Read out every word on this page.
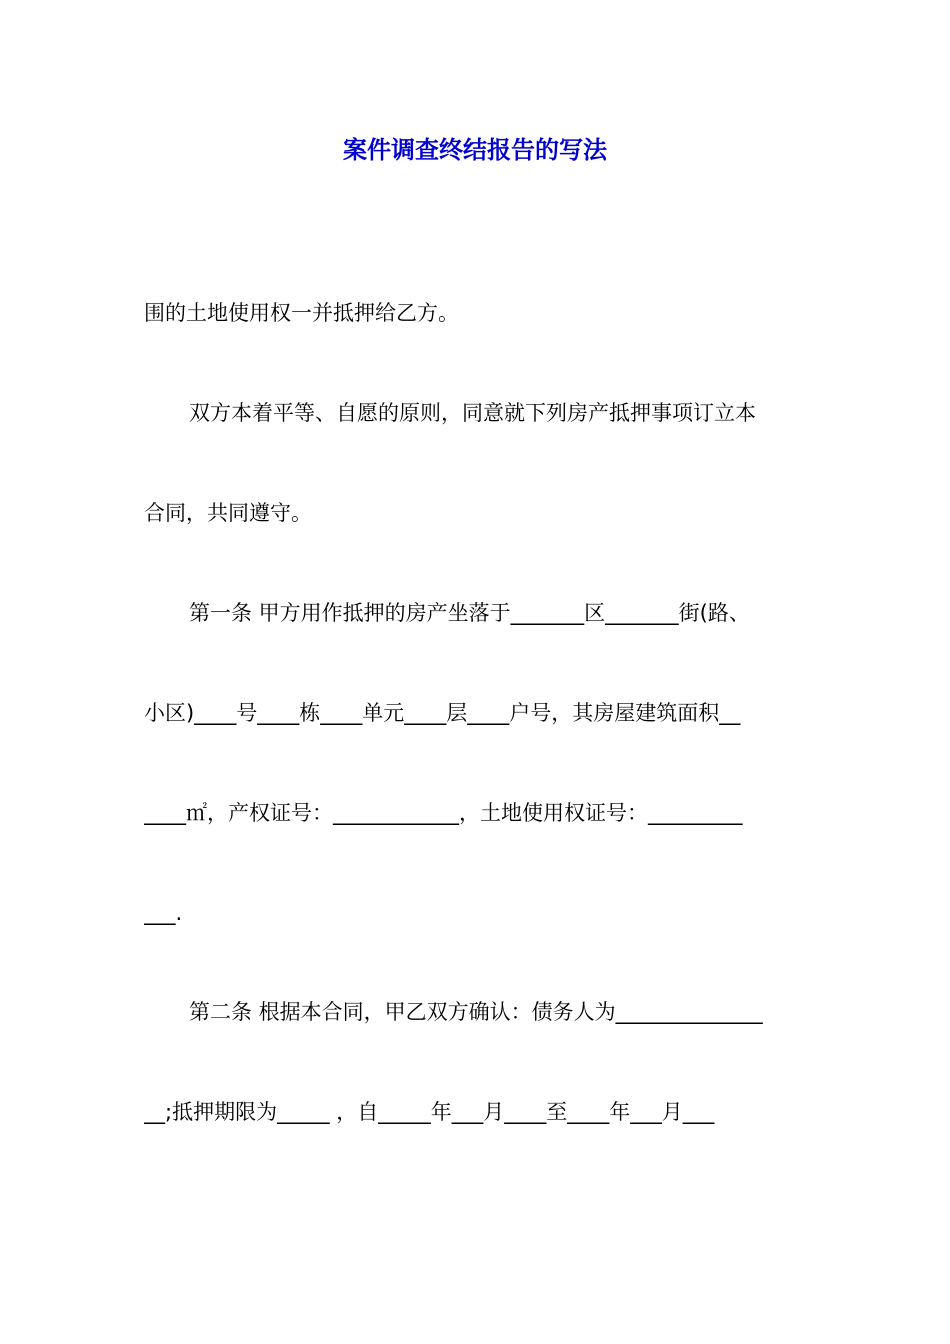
案件调查终结报告的写法
围的土地使用权一并抵押给乙方。
双方本着平等、自愿的原则，同意就下列房产抵押事项订立本
合同，共同遵守。
第一条 甲方用作抵押的房产坐落于_______区_______街(路、
小区)____号____栋____单元____层____户号，其房屋建筑面积__
____㎡，产权证号：____________，土地使用权证号：_________
___.
第二条 根据本合同，甲乙双方确认：债务人为______________
__;抵押期限为_____ ，自_____年___月____至____年___月___
